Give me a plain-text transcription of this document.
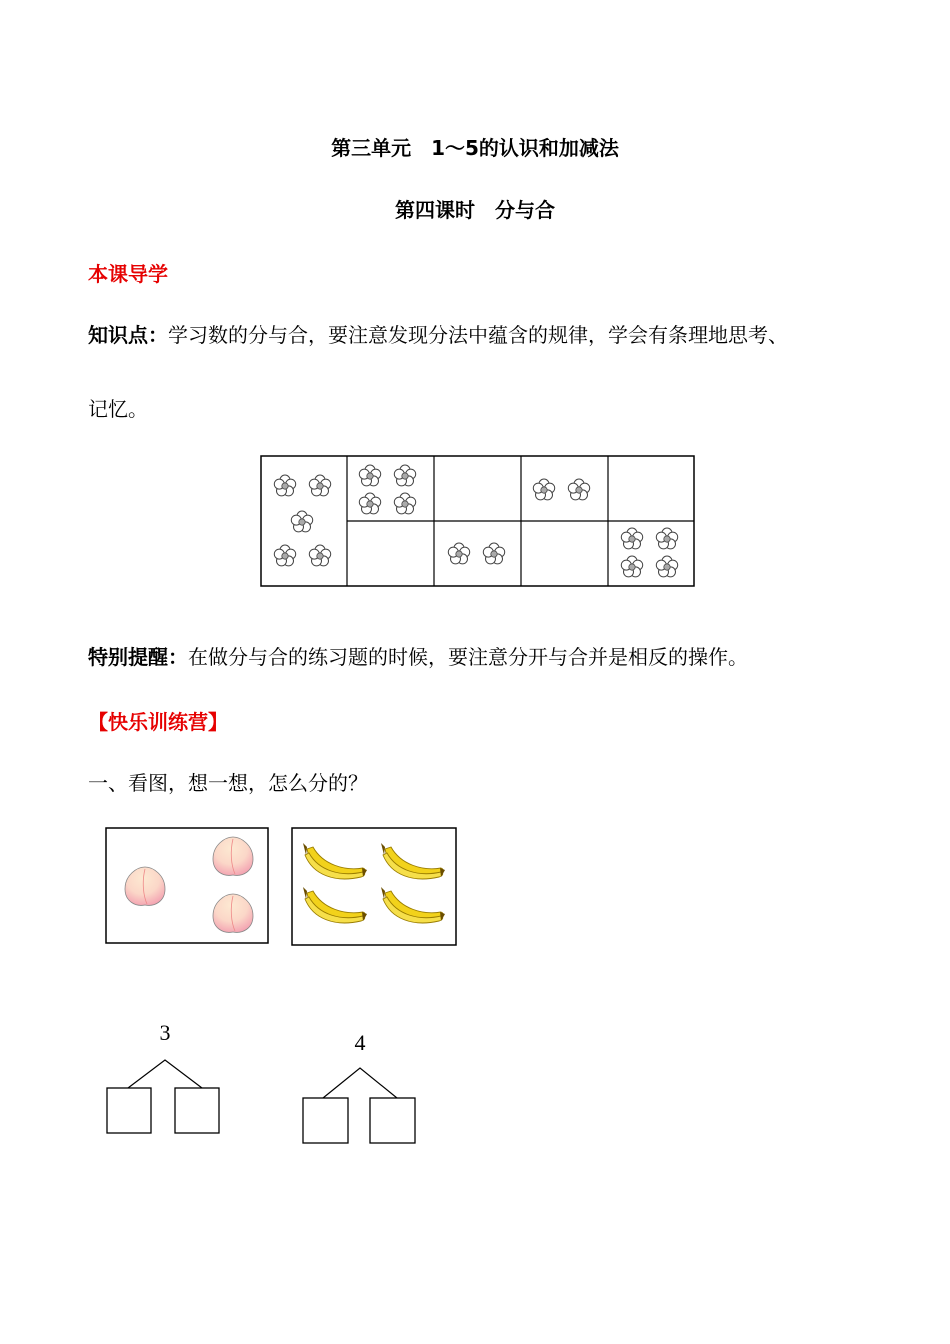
第三单元　1～5的认识和加减法
第四课时　分与合
本课导学
知识点：学习数的分与合，要注意发现分法中蕴含的规律，学会有条理地思考、
记忆。
特别提醒：在做分与合的练习题的时候，要注意分开与合并是相反的操作。
【快乐训练营】
一、看图，想一想，怎么分的？
3	4
